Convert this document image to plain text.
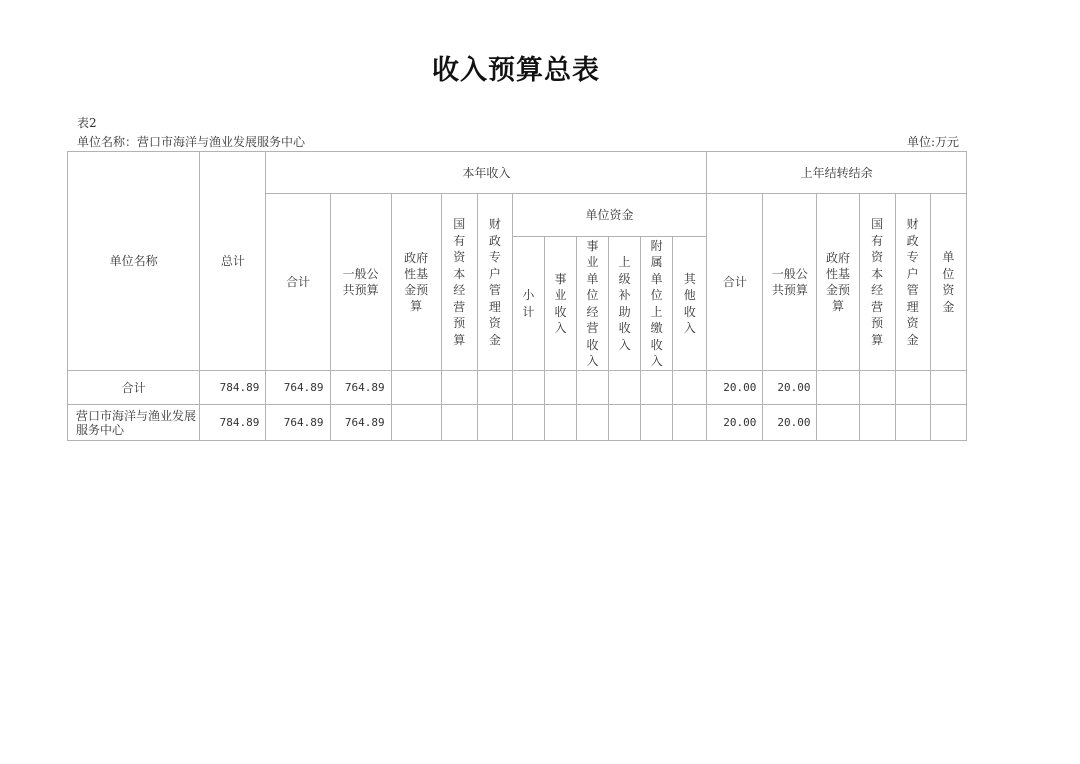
收入预算总表
表2
单位名称：营口市海洋与渔业发展服务中心	单位:万元
单位名称	总计	本年收入											上年结转结余					
		合计	一般公共预算	政府性基金预算	国有资本经营预算	财政专户管理资金	单位资金						合计	一般公共预算	政府性基金预算	国有资本经营预算	财政专户管理资金	单位资金

							小计	事业收入	事业单位经营收入	上级补助收入	附属单位上缴收入	其他收入						

合计	784.89	764.89	764.89										20.00	20.00				
营口市海洋与渔业发展服务中心	784.89	764.89	764.89										20.00	20.00				
